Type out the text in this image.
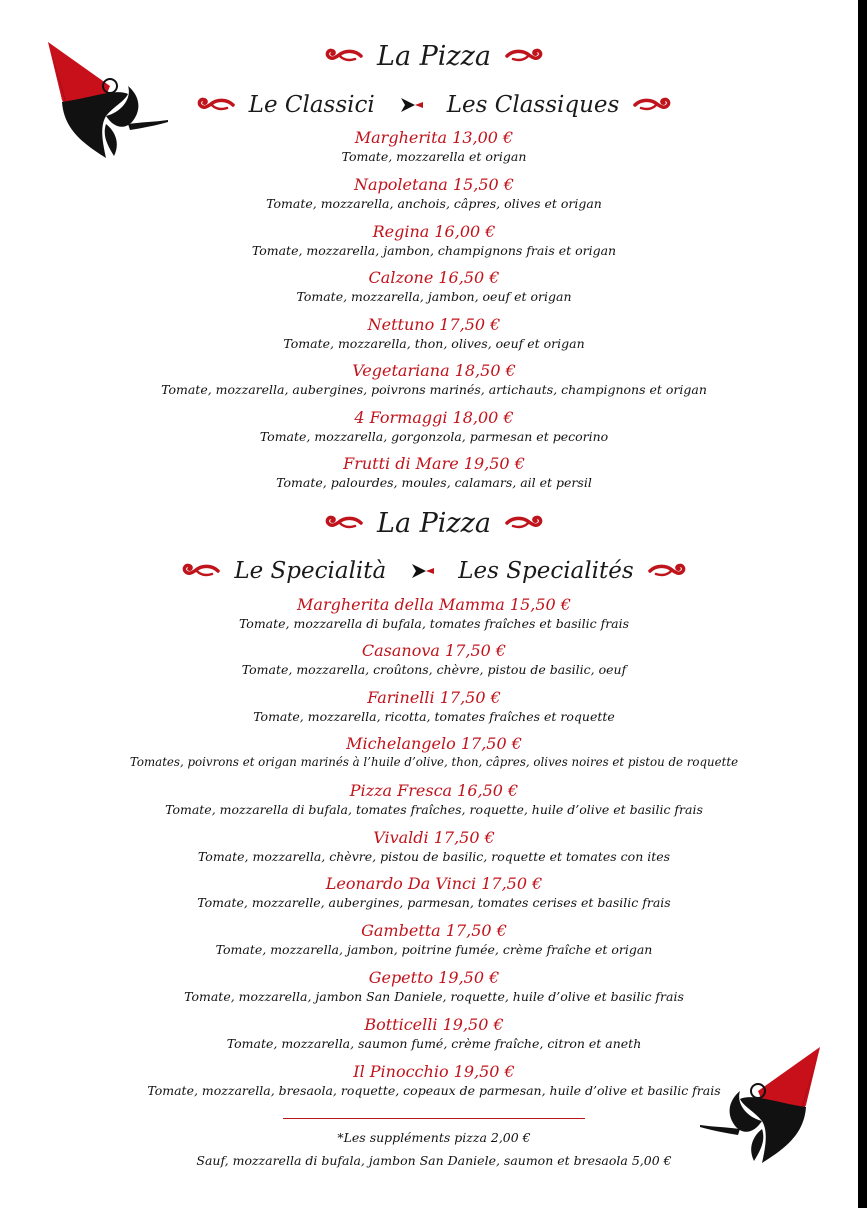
La Pizza
Le Classici	Les Classiques
Margherita 13,00 €
Tomate, mozzarella et origan
Napoletana 15,50 €
Tomate, mozzarella, anchois, câpres, olives et origan
Regina 16,00 €
Tomate, mozzarella, jambon, champignons frais et origan
Calzone 16,50 €
Tomate, mozzarella, jambon, oeuf et origan
Nettuno 17,50 €
Tomate, mozzarella, thon, olives, oeuf et origan
Vegetariana 18,50 €
Tomate, mozzarella, aubergines, poivrons marinés, artichauts, champignons et origan
4 Formaggi 18,00 €
Tomate, mozzarella, gorgonzola, parmesan et pecorino
Frutti di Mare 19,50 €
Tomate, palourdes, moules, calamars, ail et persil
La Pizza
Le Specialità	Les Specialités
Margherita della Mamma 15,50 €
Tomate, mozzarella di bufala, tomates fraîches et basilic frais
Casanova 17,50 €
Tomate, mozzarella, croûtons, chèvre, pistou de basilic, oeuf
Farinelli 17,50 €
Tomate, mozzarella, ricotta, tomates fraîches et roquette
Michelangelo 17,50 €
Tomates, poivrons et origan marinés à l’huile d’olive, thon, câpres, olives noires et pistou de roquette
Pizza Fresca 16,50 €
Tomate, mozzarella di bufala, tomates fraîches, roquette, huile d’olive et basilic frais
Vivaldi 17,50 €
Tomate, mozzarella, chèvre, pistou de basilic, roquette et tomates con ites
Leonardo Da Vinci 17,50 €
Tomate, mozzarelle, aubergines, parmesan, tomates cerises et basilic frais
Gambetta 17,50 €
Tomate, mozzarella, jambon, poitrine fumée, crème fraîche et origan
Gepetto 19,50 €
Tomate, mozzarella, jambon San Daniele, roquette, huile d’olive et basilic frais
Botticelli 19,50 €
Tomate, mozzarella, saumon fumé, crème fraîche, citron et aneth
Il Pinocchio 19,50 €
Tomate, mozzarella, bresaola, roquette, copeaux de parmesan, huile d’olive et basilic frais
*Les suppléments pizza 2,00 €
Sauf, mozzarella di bufala, jambon San Daniele, saumon et bresaola 5,00 €
